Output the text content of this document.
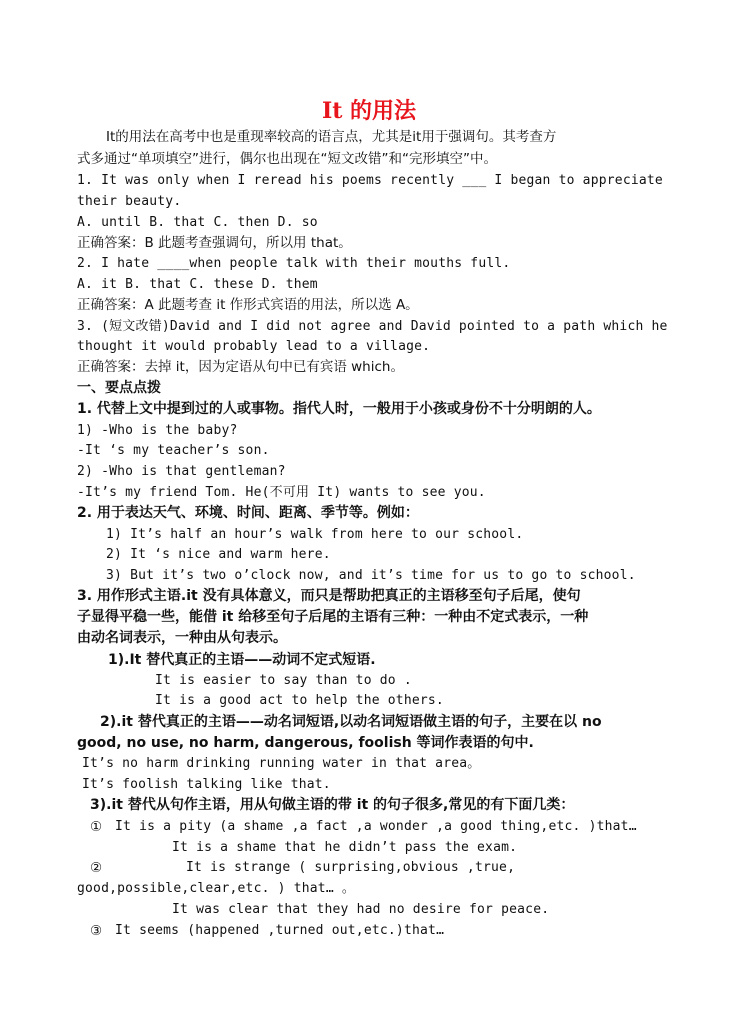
It 的用法
It的用法在高考中也是重现率较高的语言点，尤其是it用于强调句。其考查方
式多通过“单项填空”进行，偶尔也出现在“短文改错”和“完形填空”中。
1. It was only when I reread his poems recently ___ I began to appreciate
their beauty.
A. until B. that C. then D. so
正确答案：B 此题考查强调句，所以用 that。
2. I hate ____when people talk with their mouths full.
A. it B. that C. these D. them
正确答案：A 此题考查 it 作形式宾语的用法，所以选 A。
3. (短文改错)David and I did not agree and David pointed to a path which he
thought it would probably lead to a village.
正确答案：去掉 it，因为定语从句中已有宾语 which。
一、要点点拨
1. 代替上文中提到过的人或事物。指代人时，一般用于小孩或身份不十分明朗的人。
1) -Who is the baby?
-It ‘s my teacher’s son.
2) -Who is that gentleman?
-It’s my friend Tom. He(不可用 It) wants to see you.
2. 用于表达天气、环境、时间、距离、季节等。例如：
1) It’s half an hour’s walk from here to our school.
2) It ‘s nice and warm here.
3) But it’s two o’clock now, and it’s time for us to go to school.
3. 用作形式主语.it 没有具体意义，而只是帮助把真正的主语移至句子后尾，使句
子显得平稳一些，能借 it 给移至句子后尾的主语有三种：一种由不定式表示，一种
由动名词表示，一种由从句表示。
1).It 替代真正的主语——动词不定式短语.
It is easier to say than to do .
It is a good act to help the others.
2).it 替代真正的主语——动名词短语,以动名词短语做主语的句子，主要在以 no
good, no use, no harm, dangerous, foolish 等词作表语的句中.
It’s no harm drinking running water in that area。
It’s foolish talking like that.
3).it 替代从句作主语，用从句做主语的带 it 的句子很多,常见的有下面几类：
① It is a pity (a shame ,a fact ,a wonder ,a good thing,etc. )that…
It is a shame that he didn’t pass the exam.
②	It is strange ( surprising,obvious ,true,
good,possible,clear,etc. ) that… 。
It was clear that they had no desire for peace.
③ It seems (happened ,turned out,etc.)that…
